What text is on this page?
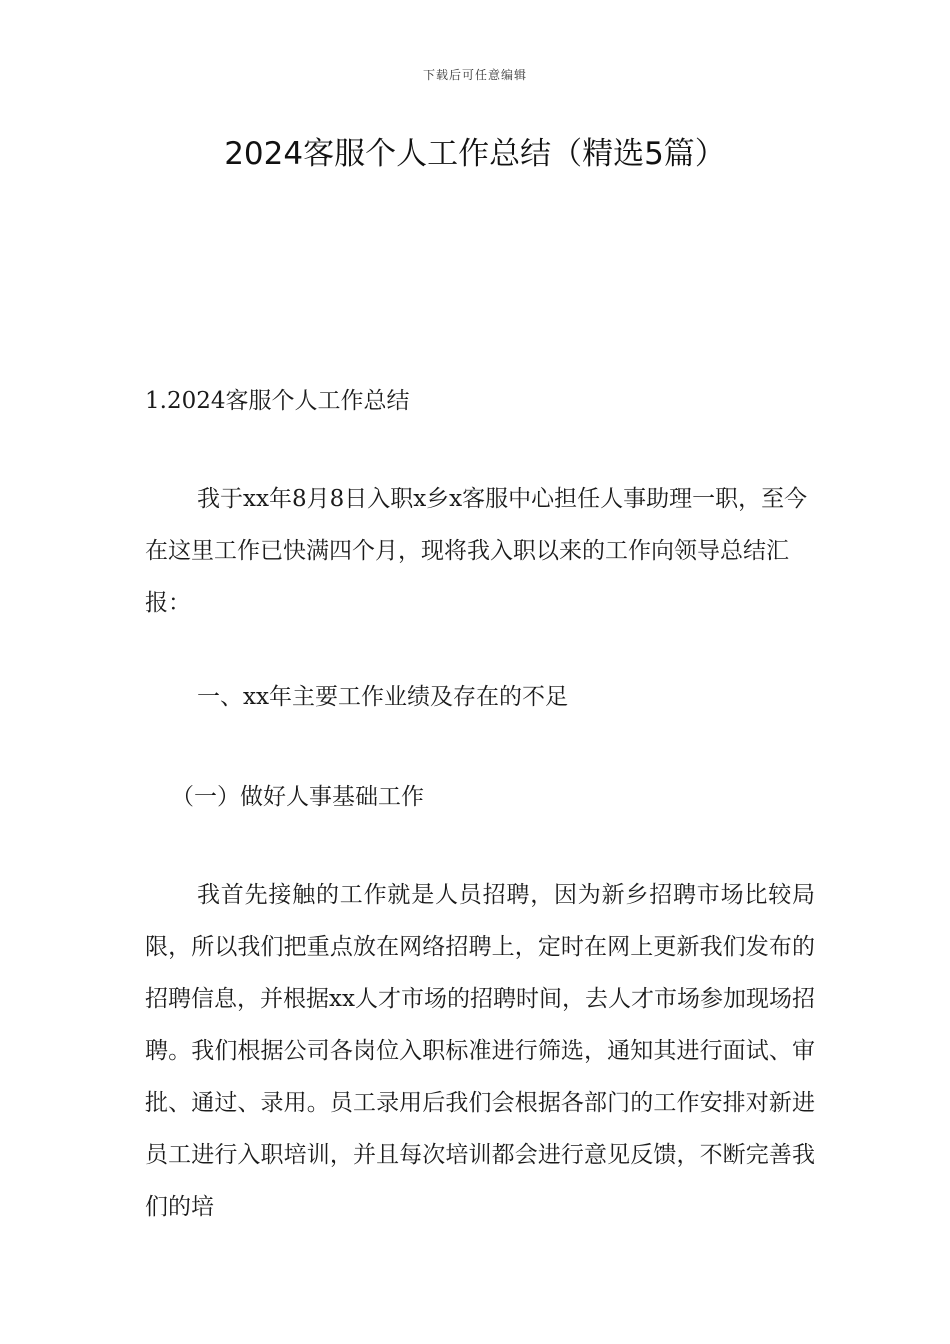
下载后可任意编辑
2024客服个人工作总结（精选5篇）

1.2024客服个人工作总结

我于xx年8月8日入职x乡x客服中心担任人事助理一职，至今在这里工作已快满四个月，现将我入职以来的工作向领导总结汇报：

一、xx年主要工作业绩及存在的不足

（一）做好人事基础工作

我首先接触的工作就是人员招聘，因为新乡招聘市场比较局限，所以我们把重点放在网络招聘上，定时在网上更新我们发布的招聘信息，并根据xx人才市场的招聘时间，去人才市场参加现场招聘。我们根据公司各岗位入职标准进行筛选，通知其进行面试、审批、通过、录用。员工录用后我们会根据各部门的工作安排对新进员工进行入职培训，并且每次培训都会进行意见反馈，不断完善我们的培
